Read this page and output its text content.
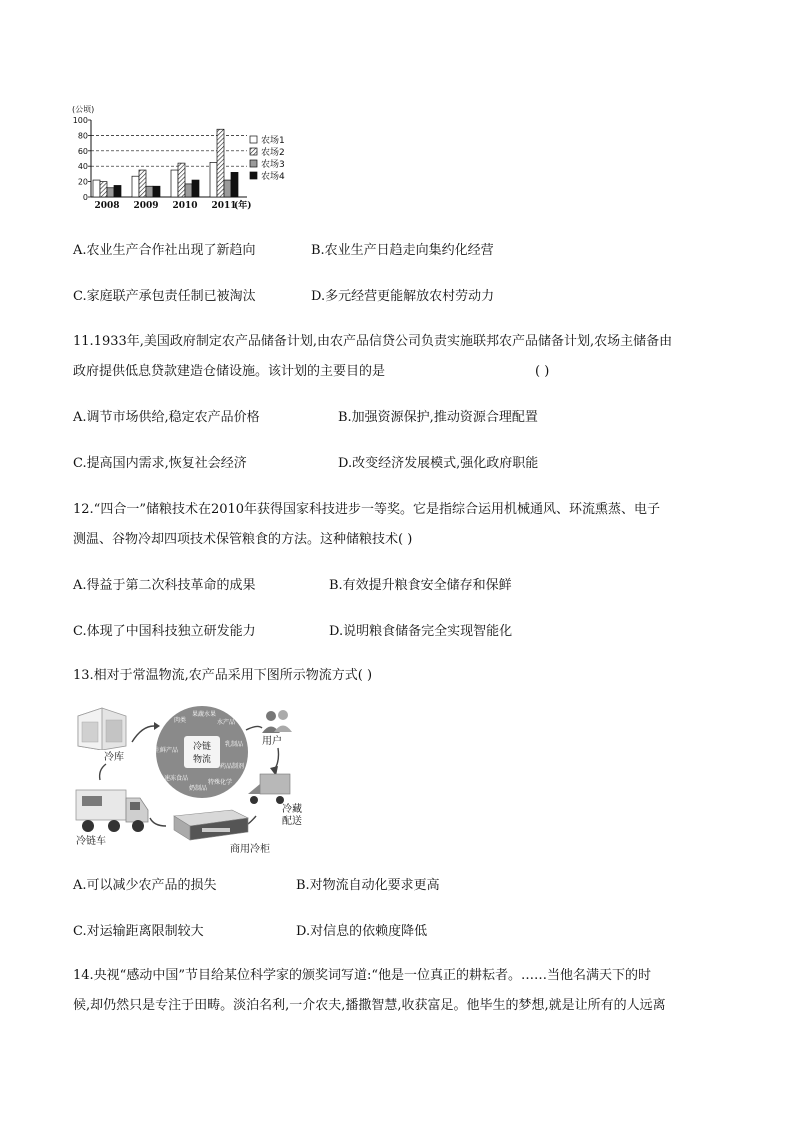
(公顷)
0
20
40
60
80
100
2008 2009 2010 2011
(年)
农场1
农场2
农场3
农场4
A.农业生产合作社出现了新趋向	B.农业生产日趋走向集约化经营
C.家庭联产承包责任制已被淘汰	D.多元经营更能解放农村劳动力
11.1933年,美国政府制定农产品储备计划,由农产品信贷公司负责实施联邦农产品储备计划,农场主储备由
政府提供低息贷款建造仓储设施。该计划的主要目的是	( )
A.调节市场供给,稳定农产品价格	B.加强资源保护,推动资源合理配置
C.提高国内需求,恢复社会经济	D.改变经济发展模式,强化政府职能
12.“四合一”储粮技术在2010年获得国家科技进步一等奖。它是指综合运用机械通风、环流熏蒸、电子
测温、谷物冷却四项技术保管粮食的方法。这种储粮技术( )
A.得益于第二次科技革命的成果	B.有效提升粮食安全储存和保鲜
C.体现了中国科技独立研发能力	D.说明粮食储备完全实现智能化
13.相对于常温物流,农产品采用下图所示物流方式( )
冷库
肉类
果蔬水果
水产品
乳制品
药品制剂
特殊化学
奶制品
速冻食品
生鲜产品 冷链
物流
用户
冷藏
配送
冷链车
商用冷柜
A.可以减少农产品的损失	B.对物流自动化要求更高
C.对运输距离限制较大	D.对信息的依赖度降低
14.央视“感动中国”节目给某位科学家的颁奖词写道:“他是一位真正的耕耘者。……当他名满天下的时
候,却仍然只是专注于田畴。淡泊名利,一介农夫,播撒智慧,收获富足。他毕生的梦想,就是让所有的人远离
